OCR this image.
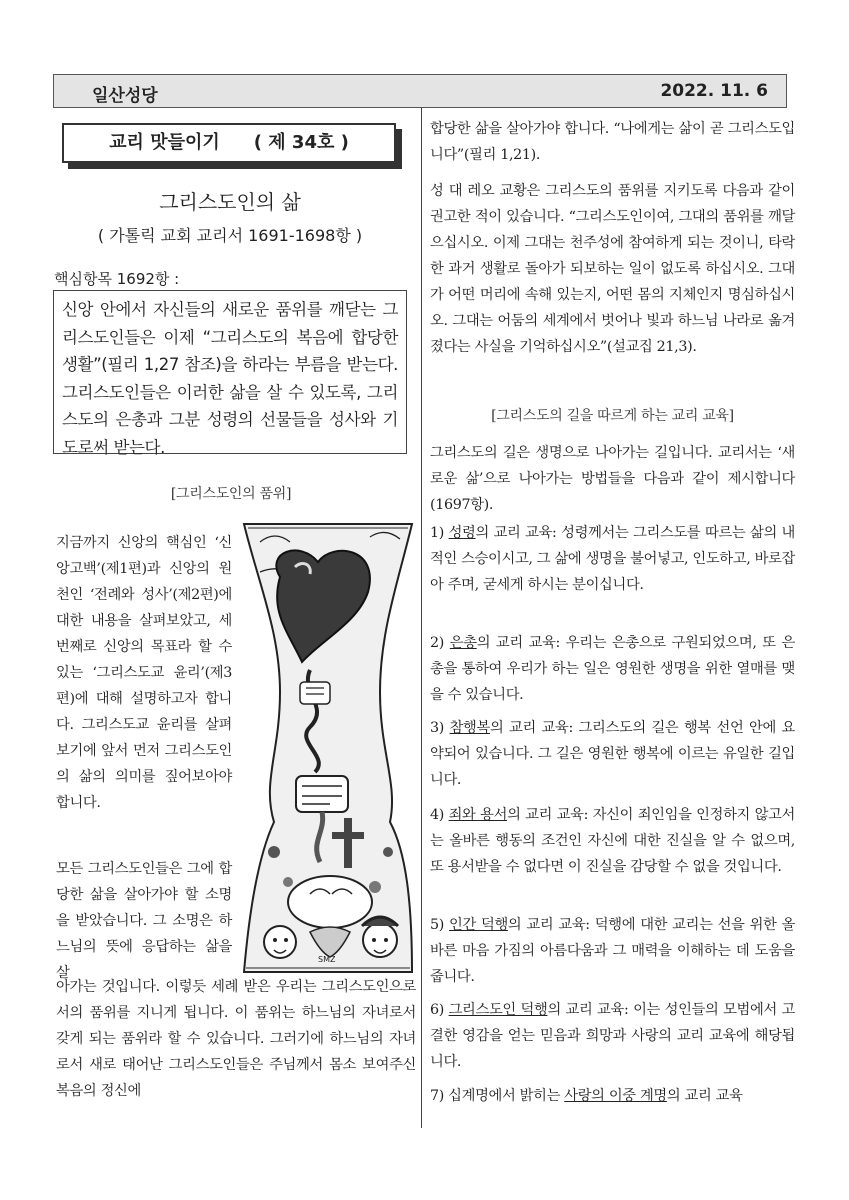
일산성당	2022. 11. 6
교리 맛들이기 ( 제 34호 )
그리스도인의 삶
( 가톨릭 교회 교리서 1691-1698항 )
핵심항목 1692항 :
신앙 안에서 자신들의 새로운 품위를 깨닫는 그리스도인들은 이제 “그리스도의 복음에 합당한 생활”(필리 1,27 참조)을 하라는 부름을 받는다. 그리스도인들은 이러한 삶을 살 수 있도록, 그리스도의 은총과 그분 성령의 선물들을 성사와 기도로써 받는다.
[그리스도인의 품위]

지금까지 신앙의 핵심인 ‘신앙고백’(제1편)과 신앙의 원천인 ‘전례와 성사’(제2편)에 대한 내용을 살펴보았고, 세 번째로 신앙의 목표라 할 수 있는 ‘그리스도교 윤리’(제3편)에 대해 설명하고자 합니다. 그리스도교 윤리를 살펴보기에 앞서 먼저 그리스도인의 삶의 의미를 짚어보아야 합니다.

모든 그리스도인들은 그에 합당한 삶을 살아가야 할 소명을 받았습니다. 그 소명은 하느님의 뜻에 응답하는 삶을 살

아가는 것입니다. 이렇듯 세례 받은 우리는 그리스도인으로서의 품위를 지니게 됩니다. 이 품위는 하느님의 자녀로서 갖게 되는 품위라 할 수 있습니다. 그러기에 하느님의 자녀로서 새로 태어난 그리스도인들은 주님께서 몸소 보여주신 복음의 정신에

SMZ

합당한 삶을 살아가야 합니다. “나에게는 삶이 곧 그리스도입니다”(필리 1,21).

성 대 레오 교황은 그리스도의 품위를 지키도록 다음과 같이 권고한 적이 있습니다. “그리스도인이여, 그대의 품위를 깨달으십시오. 이제 그대는 천주성에 참여하게 되는 것이니, 타락한 과거 생활로 돌아가 되보하는 일이 없도록 하십시오. 그대가 어떤 머리에 속해 있는지, 어떤 몸의 지체인지 명심하십시오. 그대는 어둠의 세계에서 벗어나 빛과 하느님 나라로 옮겨졌다는 사실을 기억하십시오”(설교집 21,3).

[그리스도의 길을 따르게 하는 교리 교육]

그리스도의 길은 생명으로 나아가는 길입니다. 교리서는 ‘새로운 삶’으로 나아가는 방법들을 다음과 같이 제시합니다(1697항).

1) 성령의 교리 교육: 성령께서는 그리스도를 따르는 삶의 내적인 스승이시고, 그 삶에 생명을 불어넣고, 인도하고, 바로잡아 주며, 굳세게 하시는 분이십니다.

2) 은총의 교리 교육: 우리는 은총으로 구원되었으며, 또 은총을 통하여 우리가 하는 일은 영원한 생명을 위한 열매를 맺을 수 있습니다.

3) 참행복의 교리 교육: 그리스도의 길은 행복 선언 안에 요약되어 있습니다. 그 길은 영원한 행복에 이르는 유일한 길입니다.

4) 죄와 용서의 교리 교육: 자신이 죄인임을 인정하지 않고서는 올바른 행동의 조건인 자신에 대한 진실을 알 수 없으며, 또 용서받을 수 없다면 이 진실을 감당할 수 없을 것입니다.

5) 인간 덕행의 교리 교육: 덕행에 대한 교리는 선을 위한 올바른 마음 가짐의 아름다움과 그 매력을 이해하는 데 도움을 줍니다.

6) 그리스도인 덕행의 교리 교육: 이는 성인들의 모범에서 고결한 영감을 얻는 믿음과 희망과 사랑의 교리 교육에 해당됩니다.

7) 십계명에서 밝히는 사랑의 이중 계명의 교리 교육
